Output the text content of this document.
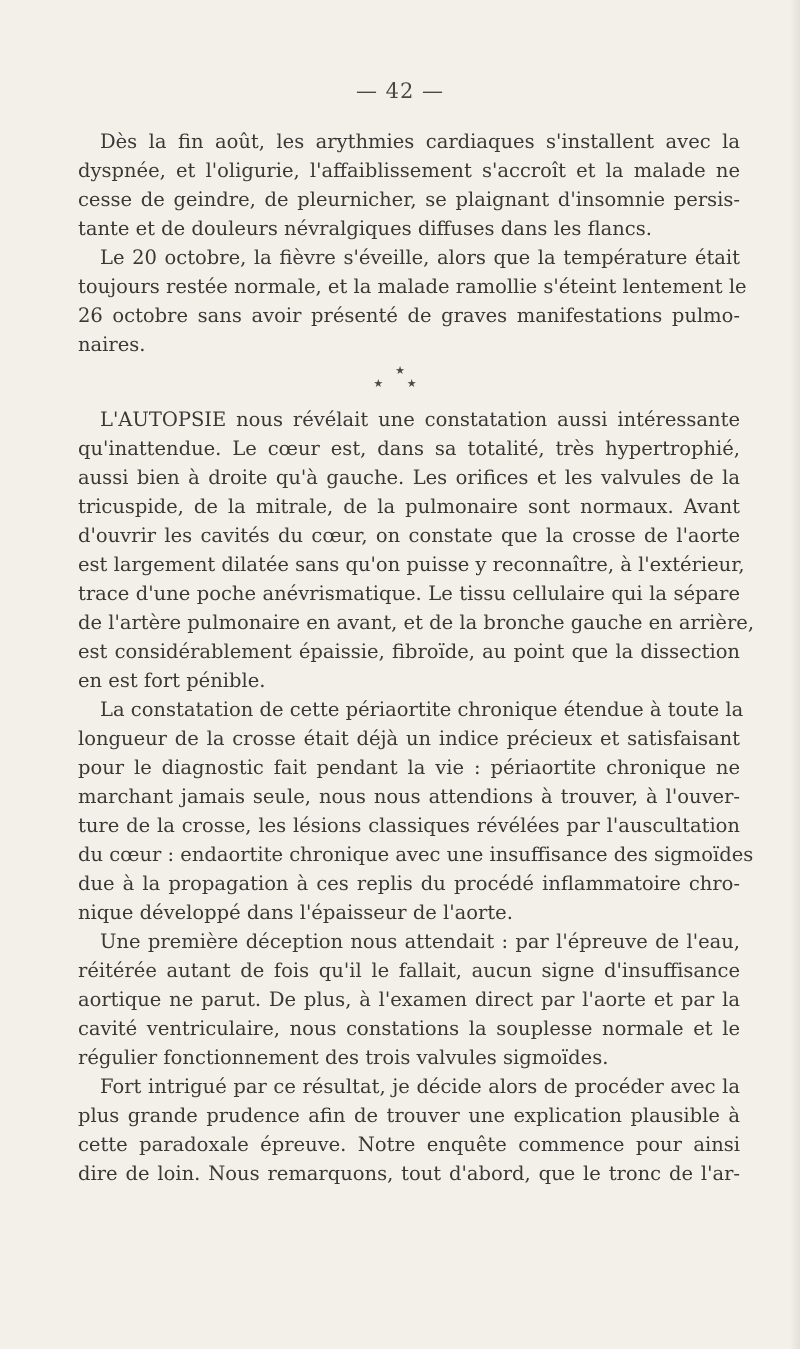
— 42 —
Dès la fin août, les arythmies cardiaques s'installent avec la
dyspnée, et l'oligurie, l'affaiblissement s'accroît et la malade ne
cesse de geindre, de pleurnicher, se plaignant d'insomnie persis-
tante et de douleurs névralgiques diffuses dans les flancs.
Le 20 octobre, la fièvre s'éveille, alors que la température était
toujours restée normale, et la malade ramollie s'éteint lentement le
26 octobre sans avoir présenté de graves manifestations pulmo-
naires.
★
★ ★
L'AUTOPSIE nous révélait une constatation aussi intéressante
qu'inattendue. Le cœur est, dans sa totalité, très hypertrophié,
aussi bien à droite qu'à gauche. Les orifices et les valvules de la
tricuspide, de la mitrale, de la pulmonaire sont normaux. Avant
d'ouvrir les cavités du cœur, on constate que la crosse de l'aorte
est largement dilatée sans qu'on puisse y reconnaître, à l'extérieur,
trace d'une poche anévrismatique. Le tissu cellulaire qui la sépare
de l'artère pulmonaire en avant, et de la bronche gauche en arrière,
est considérablement épaissie, fibroïde, au point que la dissection
en est fort pénible.
La constatation de cette périaortite chronique étendue à toute la
longueur de la crosse était déjà un indice précieux et satisfaisant
pour le diagnostic fait pendant la vie : périaortite chronique ne
marchant jamais seule, nous nous attendions à trouver, à l'ouver-
ture de la crosse, les lésions classiques révélées par l'auscultation
du cœur : endaortite chronique avec une insuffisance des sigmoïdes
due à la propagation à ces replis du procédé inflammatoire chro-
nique développé dans l'épaisseur de l'aorte.
Une première déception nous attendait : par l'épreuve de l'eau,
réitérée autant de fois qu'il le fallait, aucun signe d'insuffisance
aortique ne parut. De plus, à l'examen direct par l'aorte et par la
cavité ventriculaire, nous constations la souplesse normale et le
régulier fonctionnement des trois valvules sigmoïdes.
Fort intrigué par ce résultat, je décide alors de procéder avec la
plus grande prudence afin de trouver une explication plausible à
cette paradoxale épreuve. Notre enquête commence pour ainsi
dire de loin. Nous remarquons, tout d'abord, que le tronc de l'ar-
